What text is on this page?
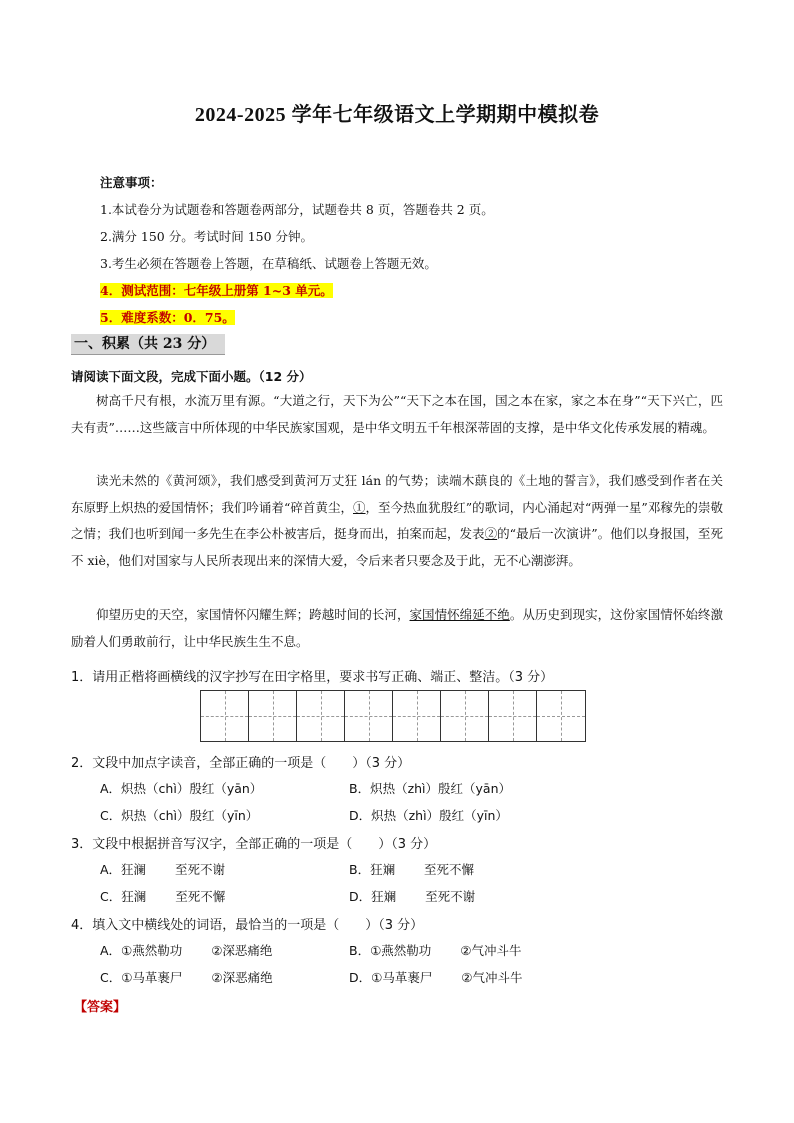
2024-2025 学年七年级语文上学期期中模拟卷
注意事项：
1.本试卷分为试题卷和答题卷两部分，试题卷共 8 页，答题卷共 2 页。
2.满分 150 分。考试时间 150 分钟。
3.考生必须在答题卷上答题，在草稿纸、试题卷上答题无效。
4．测试范围：七年级上册第 1~3 单元。
5．难度系数：0．75。
一、积累（共 23 分）
请阅读下面文段，完成下面小题。（12 分）

树高千尺有根，水流万里有源。“大道之行，天下为公”“天下之本在国，国之本在家，家之本在身”“天下兴亡，匹夫有责”……这些箴言中所体现的中华民族家国观，是中华文明五千年根深蒂固的支撑，是中华文化传承发展的精魂。

读光未然的《黄河颂》，我们感受到黄河万丈狂 lán 的气势；读端木蕻良的《土地的誓言》，我们感受到作者在关东原野上炽热的爱国情怀；我们吟诵着“碎首黄尘，①，至今热血犹殷红”的歌词，内心涌起对“两弹一星”邓稼先的崇敬之情；我们也听到闻一多先生在李公朴被害后，挺身而出，拍案而起，发表②的“最后一次演讲”。他们以身报国，至死不 xiè，他们对国家与人民所表现出来的深情大爱，令后来者只要念及于此，无不心潮澎湃。

仰望历史的天空，家国情怀闪耀生辉；跨越时间的长河，家国情怀绵延不绝。从历史到现实，这份家国情怀始终激励着人们勇敢前行，让中华民族生生不息。

1．请用正楷将画横线的汉字抄写在田字格里，要求书写正确、端正、整洁。（3 分）
2．文段中加点字读音，全部正确的一项是（　　）（3 分）
A．炽热（chì）殷红（yān）	B．炽热（zhì）殷红（yān）
C．炽热（chì）殷红（yīn）	D．炽热（zhì）殷红（yīn）
3．文段中根据拼音写汉字，全部正确的一项是（　　）（3 分）
A．狂澜　　 至死不谢	B．狂斓　　 至死不懈
C．狂澜　　 至死不懈	D．狂斓　　 至死不谢
4．填入文中横线处的词语，最恰当的一项是（　　）（3 分）
A．①燕然勒功　　 ②深恶痛绝	B．①燕然勒功　　 ②气冲斗牛
C．①马革裹尸　　 ②深恶痛绝	D．①马革裹尸　　 ②气冲斗牛
【答案】
